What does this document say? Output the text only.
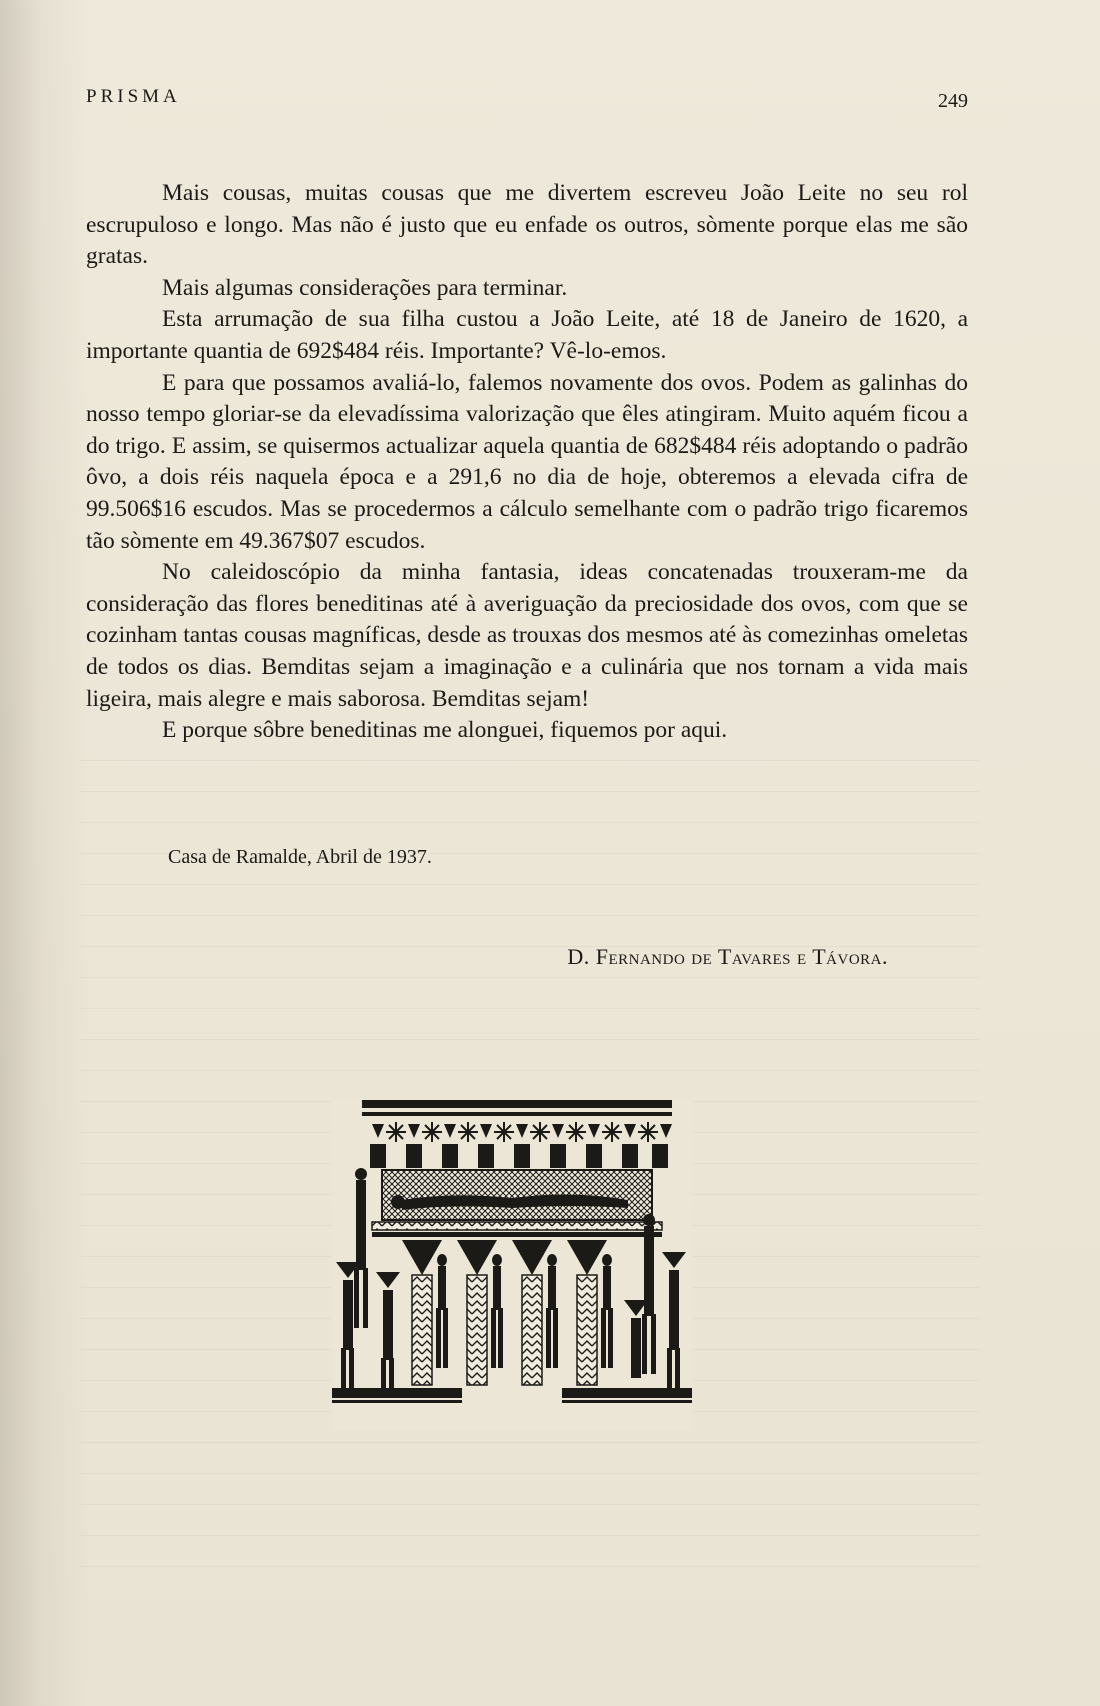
PRISMA	249

Mais cousas, muitas cousas que me divertem escreveu João Leite no seu rol escrupuloso e longo. Mas não é justo que eu enfade os outros, sòmente porque elas me são gratas.

Mais algumas considerações para terminar.

Esta arrumação de sua filha custou a João Leite, até 18 de Janeiro de 1620, a importante quantia de 692$484 réis. Importante? Vê-lo-emos.

E para que possamos avaliá-lo, falemos novamente dos ovos. Podem as galinhas do nosso tempo gloriar-se da elevadíssima valorização que êles atingiram. Muito aquém ficou a do trigo. E assim, se quisermos actualizar aquela quantia de 682$484 réis adoptando o padrão ôvo, a dois réis naquela época e a 291,6 no dia de hoje, obteremos a elevada cifra de 99.506$16 escudos. Mas se procedermos a cálculo semelhante com o padrão trigo ficaremos tão sòmente em 49.367$07 escudos.

No caleidoscópio da minha fantasia, ideas concatenadas trouxeram-me da consideração das flores beneditinas até à averiguação da preciosidade dos ovos, com que se cozinham tantas cousas magníficas, desde as trouxas dos mesmos até às comezinhas omeletas de todos os dias. Bemditas sejam a imaginação e a culinária que nos tornam a vida mais ligeira, mais alegre e mais saborosa. Bemditas sejam!

E porque sôbre beneditinas me alonguei, fiquemos por aqui.

Casa de Ramalde, Abril de 1937.
D. Fernando de Tavares e Távora.
